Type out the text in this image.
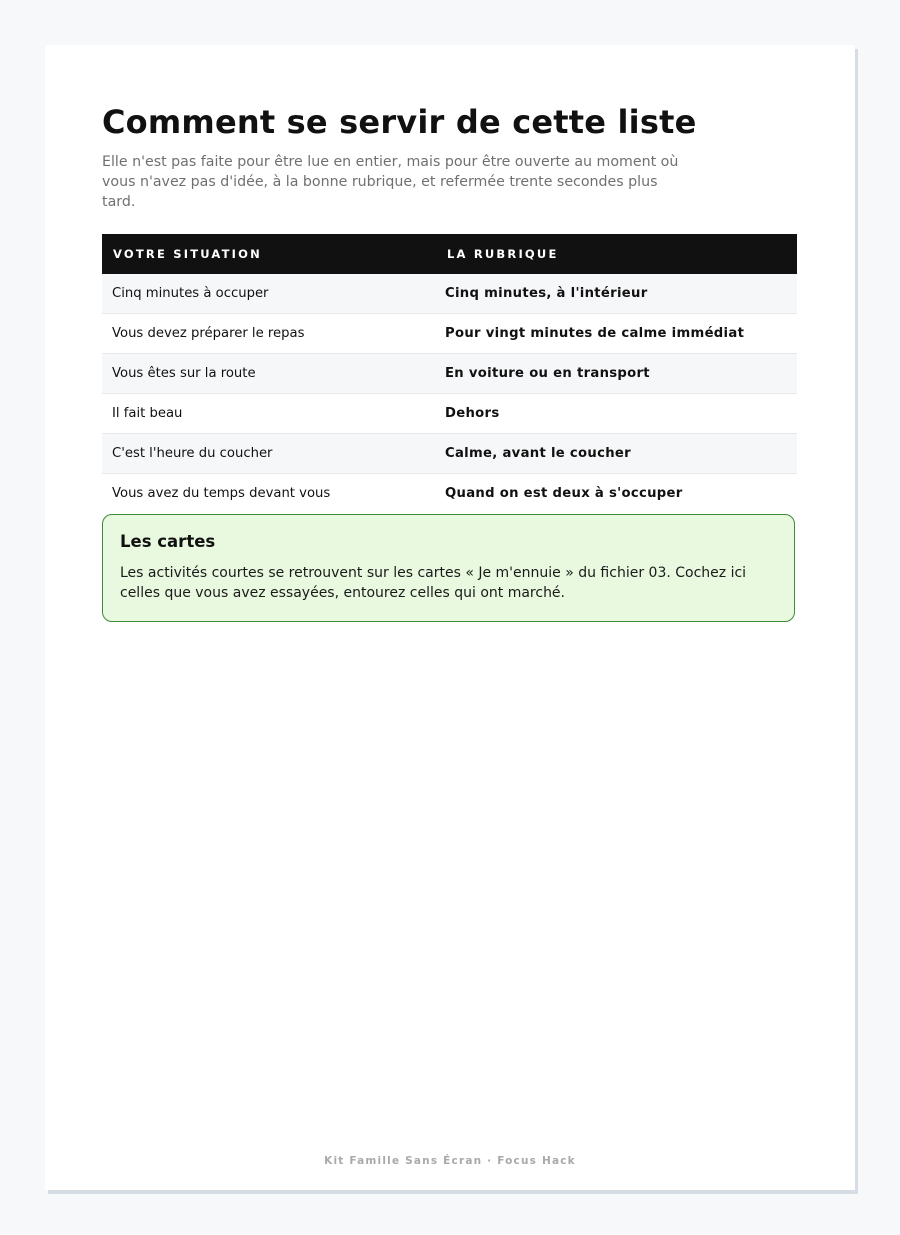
Comment se servir de cette liste

Elle n'est pas faite pour être lue en entier, mais pour être ouverte au moment où vous n'avez pas d'idée, à la bonne rubrique, et refermée trente secondes plus tard.

VOTRE SITUATION	LA RUBRIQUE
Cinq minutes à occuper	Cinq minutes, à l'intérieur
Vous devez préparer le repas	Pour vingt minutes de calme immédiat
Vous êtes sur la route	En voiture ou en transport
Il fait beau	Dehors
C'est l'heure du coucher	Calme, avant le coucher
Vous avez du temps devant vous	Quand on est deux à s'occuper
Les cartes

Les activités courtes se retrouvent sur les cartes « Je m'ennuie » du fichier 03. Cochez ici celles que vous avez essayées, entourez celles qui ont marché.

Kit Famille Sans Écran · Focus Hack
